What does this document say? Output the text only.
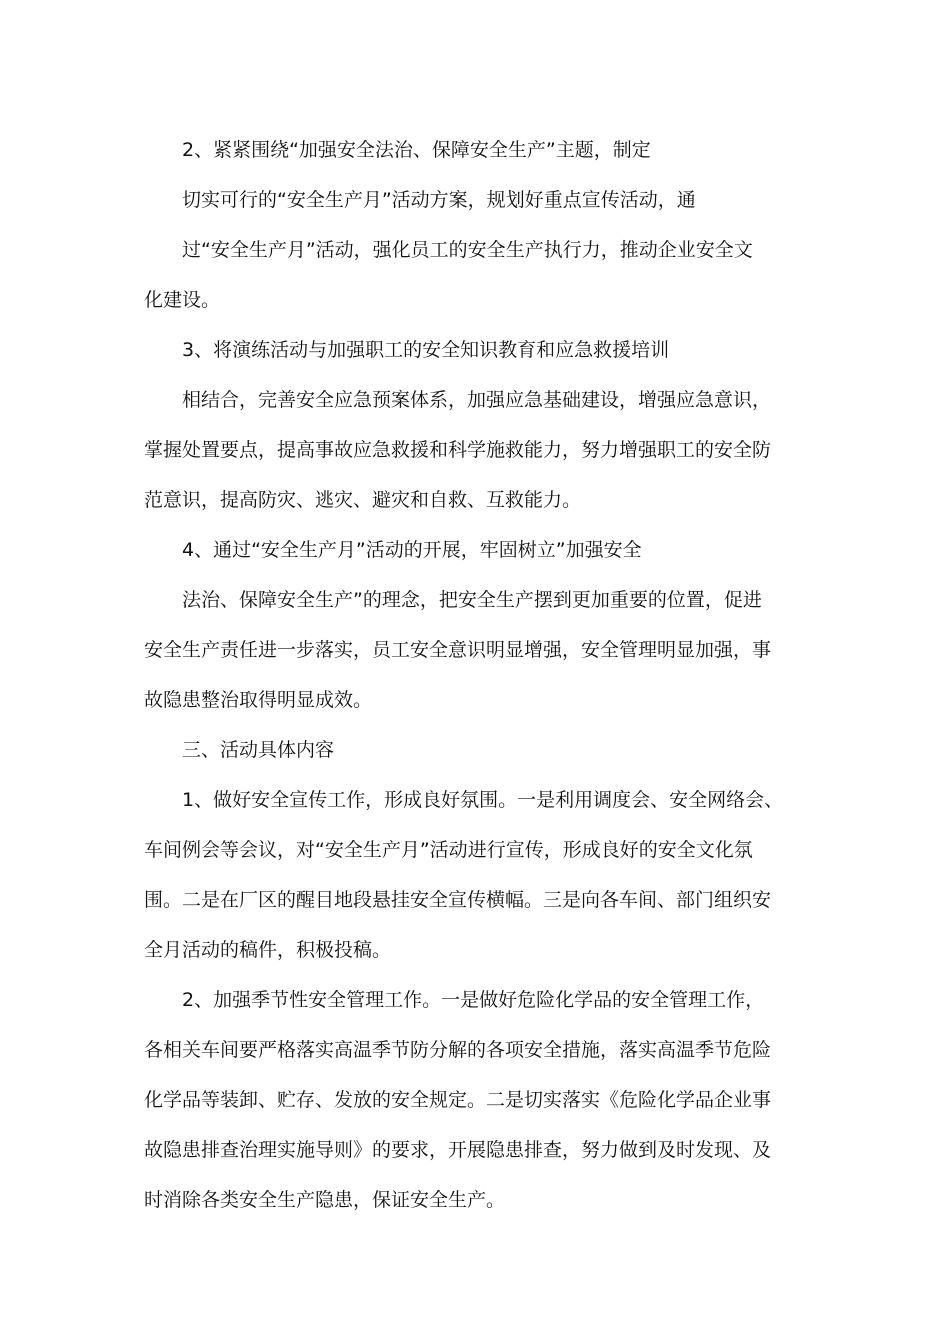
2、紧紧围绕“加强安全法治、保障安全生产”主题，制定
切实可行的“安全生产月”活动方案，规划好重点宣传活动，通
过“安全生产月”活动，强化员工的安全生产执行力，推动企业安全文
化建设。
3、将演练活动与加强职工的安全知识教育和应急救援培训
相结合，完善安全应急预案体系，加强应急基础建设，增强应急意识，
掌握处置要点，提高事故应急救援和科学施救能力，努力增强职工的安全防
范意识，提高防灾、逃灾、避灾和自救、互救能力。
4、通过“安全生产月”活动的开展，牢固树立”加强安全
法治、保障安全生产”的理念，把安全生产摆到更加重要的位置，促进
安全生产责任进一步落实，员工安全意识明显增强，安全管理明显加强，事
故隐患整治取得明显成效。
三、活动具体内容
1、做好安全宣传工作，形成良好氛围。一是利用调度会、安全网络会、
车间例会等会议，对“安全生产月”活动进行宣传，形成良好的安全文化氛
围。二是在厂区的醒目地段悬挂安全宣传横幅。三是向各车间、部门组织安
全月活动的稿件，积极投稿。
2、加强季节性安全管理工作。一是做好危险化学品的安全管理工作，
各相关车间要严格落实高温季节防分解的各项安全措施，落实高温季节危险
化学品等装卸、贮存、发放的安全规定。二是切实落实《危险化学品企业事
故隐患排查治理实施导则》的要求，开展隐患排查，努力做到及时发现、及
时消除各类安全生产隐患，保证安全生产。
